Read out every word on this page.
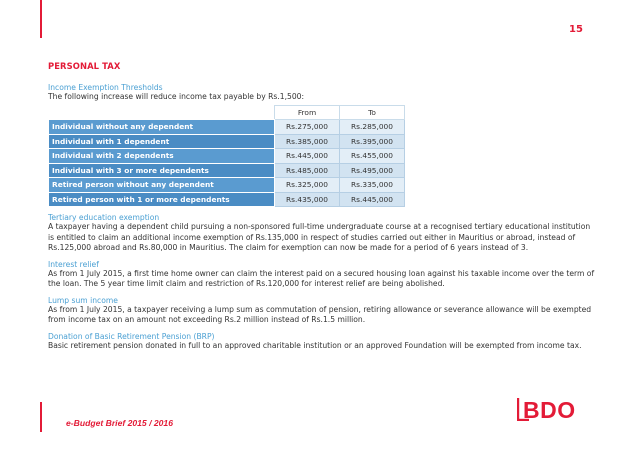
15
PERSONAL TAX
Income Exemption Thresholds
The following increase will reduce income tax payable by Rs.1,500:
	From	To
Individual without any dependent	Rs.275,000	Rs.285,000
Individual with 1 dependent	Rs.385,000	Rs.395,000
Individual with 2 dependents	Rs.445,000	Rs.455,000
Individual with 3 or more dependents	Rs.485,000	Rs.495,000
Retired person without any dependent	Rs.325,000	Rs.335,000
Retired person with 1 or more dependents	Rs.435,000	Rs.445,000
Tertiary education exemption
A taxpayer having a dependent child pursuing a non-sponsored full-time undergraduate course at a recognised tertiary educational institution
is entitled to claim an additional income exemption of Rs.135,000 in respect of studies carried out either in Mauritius or abroad, instead of
Rs.125,000 abroad and Rs.80,000 in Mauritius. The claim for exemption can now be made for a period of 6 years instead of 3.
Interest relief
As from 1 July 2015, a first time home owner can claim the interest paid on a secured housing loan against his taxable income over the term of
the loan. The 5 year time limit claim and restriction of Rs.120,000 for interest relief are being abolished.
Lump sum income
As from 1 July 2015, a taxpayer receiving a lump sum as commutation of pension, retiring allowance or severance allowance will be exempted
from income tax on an amount not exceeding Rs.2 million instead of Rs.1.5 million.
Donation of Basic Retirement Pension (BRP)
Basic retirement pension donated in full to an approved charitable institution or an approved Foundation will be exempted from income tax.
e-Budget Brief 2015 / 2016	BDO
